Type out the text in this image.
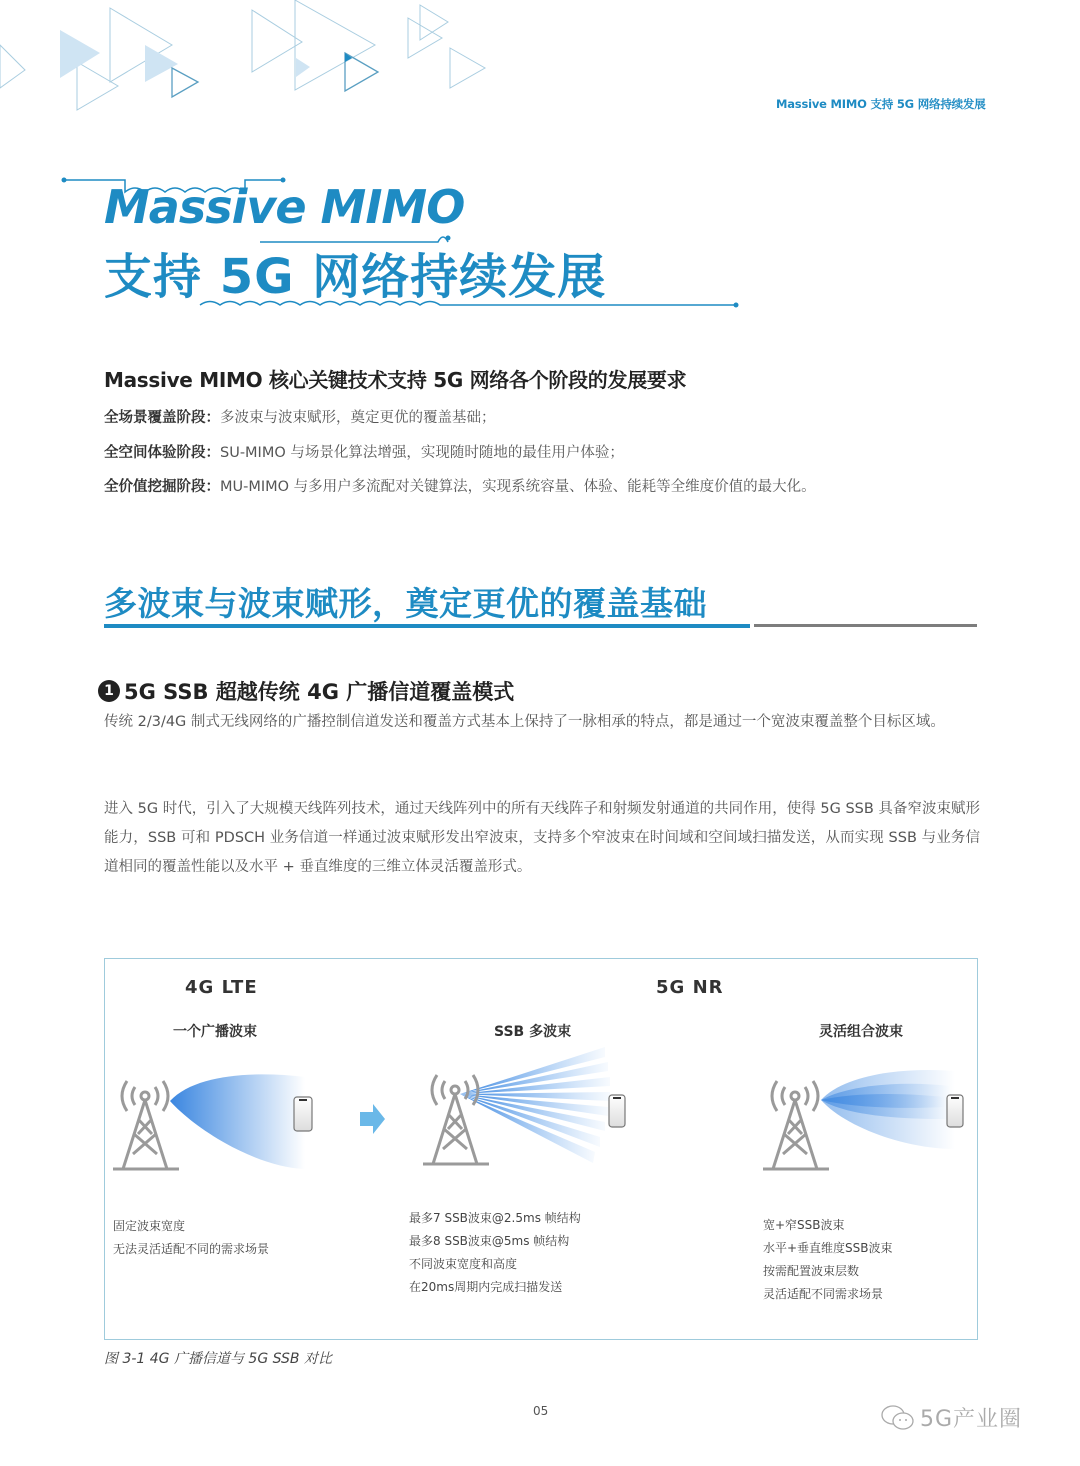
Massive MIMO 支持 5G 网络持续发展
Massive MIMO
支持 5G 网络持续发展
Massive MIMO 核心关键技术支持 5G 网络各个阶段的发展要求
全场景覆盖阶段：多波束与波束赋形，奠定更优的覆盖基础；
全空间体验阶段：SU-MIMO 与场景化算法增强，实现随时随地的最佳用户体验；
全价值挖掘阶段：MU-MIMO 与多用户多流配对关键算法，实现系统容量、体验、能耗等全维度价值的最大化。
多波束与波束赋形，奠定更优的覆盖基础
1 5G SSB 超越传统 4G 广播信道覆盖模式
传统 2/3/4G 制式无线网络的广播控制信道发送和覆盖方式基本上保持了一脉相承的特点，都是通过一个宽波束覆盖整个目标区域。
进入 5G 时代，引入了大规模天线阵列技术，通过天线阵列中的所有天线阵子和射频发射通道的共同作用，使得 5G SSB 具备窄波束赋形能力，SSB 可和 PDSCH 业务信道一样通过波束赋形发出窄波束，支持多个窄波束在时间域和空间域扫描发送，从而实现 SSB 与业务信道相同的覆盖性能以及水平 + 垂直维度的三维立体灵活覆盖形式。
4G LTE	5G NR
一个广播波束	SSB 多波束	灵活组合波束
固定波束宽度
无法灵活适配不同的需求场景
最多7 SSB波束@2.5ms 帧结构
最多8 SSB波束@5ms 帧结构
不同波束宽度和高度
在20ms周期内完成扫描发送
宽+窄SSB波束
水平+垂直维度SSB波束
按需配置波束层数
灵活适配不同需求场景
图 3-1 4G 广播信道与 5G SSB 对比
05	5G产业圈
